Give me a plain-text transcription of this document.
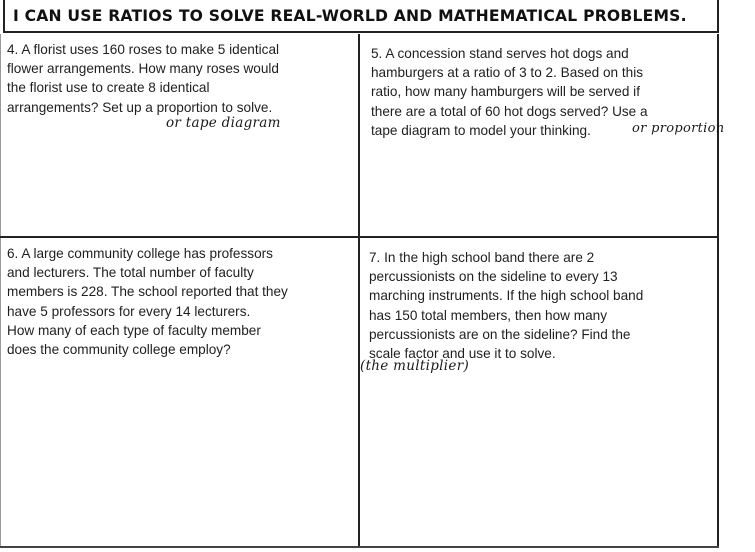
I CAN USE RATIOS TO SOLVE REAL-WORLD AND MATHEMATICAL PROBLEMS.
4. A florist uses 160 roses to make 5 identical
flower arrangements. How many roses would
the florist use to create 8 identical
arrangements? Set up a proportion to solve.
or tape diagram
5. A concession stand serves hot dogs and
hamburgers at a ratio of 3 to 2. Based on this
ratio, how many hamburgers will be served if
there are a total of 60 hot dogs served? Use a
tape diagram to model your thinking.	or proportion
6. A large community college has professors
and lecturers. The total number of faculty
members is 228. The school reported that they
have 5 professors for every 14 lecturers.
How many of each type of faculty member
does the community college employ?
7. In the high school band there are 2
percussionists on the sideline to every 13
marching instruments. If the high school band
has 150 total members, then how many
percussionists are on the sideline? Find the
scale factor and use it to solve.
(the multiplier)
